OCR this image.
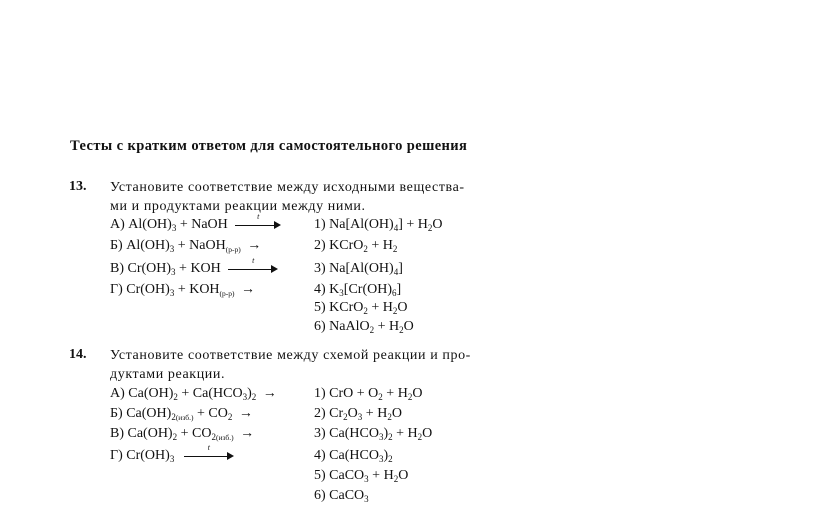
Тесты с кратким ответом для самостоятельного решения
13. Установите соответствие между исходными вещества-
ми и продуктами реакции между ними.
А) $Al(OH)_3$ + NaOH
t
Б) $Al(OH)_3$ + NaOH$_{(р-р)}$ →
В) $Cr(OH)_3$ + KOH
t
Г) $Cr(OH)_3 + KOH_{(р-р)}$ →
1) $Na[Al(OH)_4] + H_2O$
2) KCrO$_2$ + $H_2$
3) $Na[Al(OH)_4]$
4) $K_3[Cr(OH)_6]$
5) KCrO$_2$ + $H_2O$
6) NaAlO$_2$ + $H_2O$
14. Установите соответствие между схемой реакции и про-
дуктами реакции.
А) $Ca(OH)_2 + Ca(HCO_3)_2$ →
Б) $Ca(OH)_{2(изб.)} + CO_2$ →
В) $Ca(OH)_2 + CO_{2(изб.)}$ →
Г) $Cr(OH)_3$
t
1) CrO + $O_2 + H_2O$
2) $Cr_2O_3 + H_2O$
3) $Ca(HCO_3)_2 + H_2O$
4) $Ca(HCO_3)_2$
5) CaCO$_3$ + $H_2O$
6) CaCO$_3$
